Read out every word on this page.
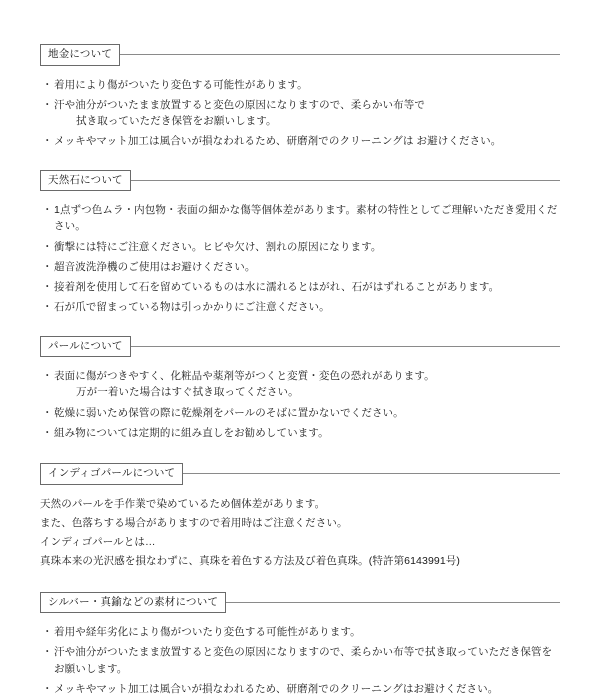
地金について
・ 着用により傷がついたり変色する可能性があります。
・ 汗や油分がついたまま放置すると変色の原因になりますので、柔らかい布等で
拭き取っていただき保管をお願いします。
・ メッキやマット加工は風合いが損なわれるため、研磨剤でのクリーニングは お避けください。
天然石について
・ 1点ずつ色ムラ・内包物・表面の細かな傷等個体差があります。素材の特性としてご理解いただき愛用ください。
・ 衝撃には特にご注意ください。ヒビや欠け、割れの原因になります。
・ 超音波洗浄機のご使用はお避けください。
・ 接着剤を使用して石を留めているものは水に濡れるとはがれ、石がはずれることがあります。
・ 石が爪で留まっている物は引っかかりにご注意ください。
パールについて
・ 表面に傷がつきやすく、化粧品や薬剤等がつくと変質・変色の恐れがあります。
万が一着いた場合はすぐ拭き取ってください。
・ 乾燥に弱いため保管の際に乾燥剤をパールのそばに置かないでください。
・ 組み物については定期的に組み直しをお勧めしています。
インディゴパールについて

天然のパールを手作業で染めているため個体差があります。

また、色落ちする場合がありますので着用時はご注意ください。

インディゴパールとは…

真珠本来の光沢感を損なわずに、真珠を着色する方法及び着色真珠。(特許第6143991号)

シルバー・真鍮などの素材について
・ 着用や経年劣化により傷がついたり変色する可能性があります。
・ 汗や油分がついたまま放置すると変色の原因になりますので、柔らかい布等で拭き取っていただき保管をお願いします。
・ メッキやマット加工は風合いが損なわれるため、研磨剤でのクリーニングはお避けください。
